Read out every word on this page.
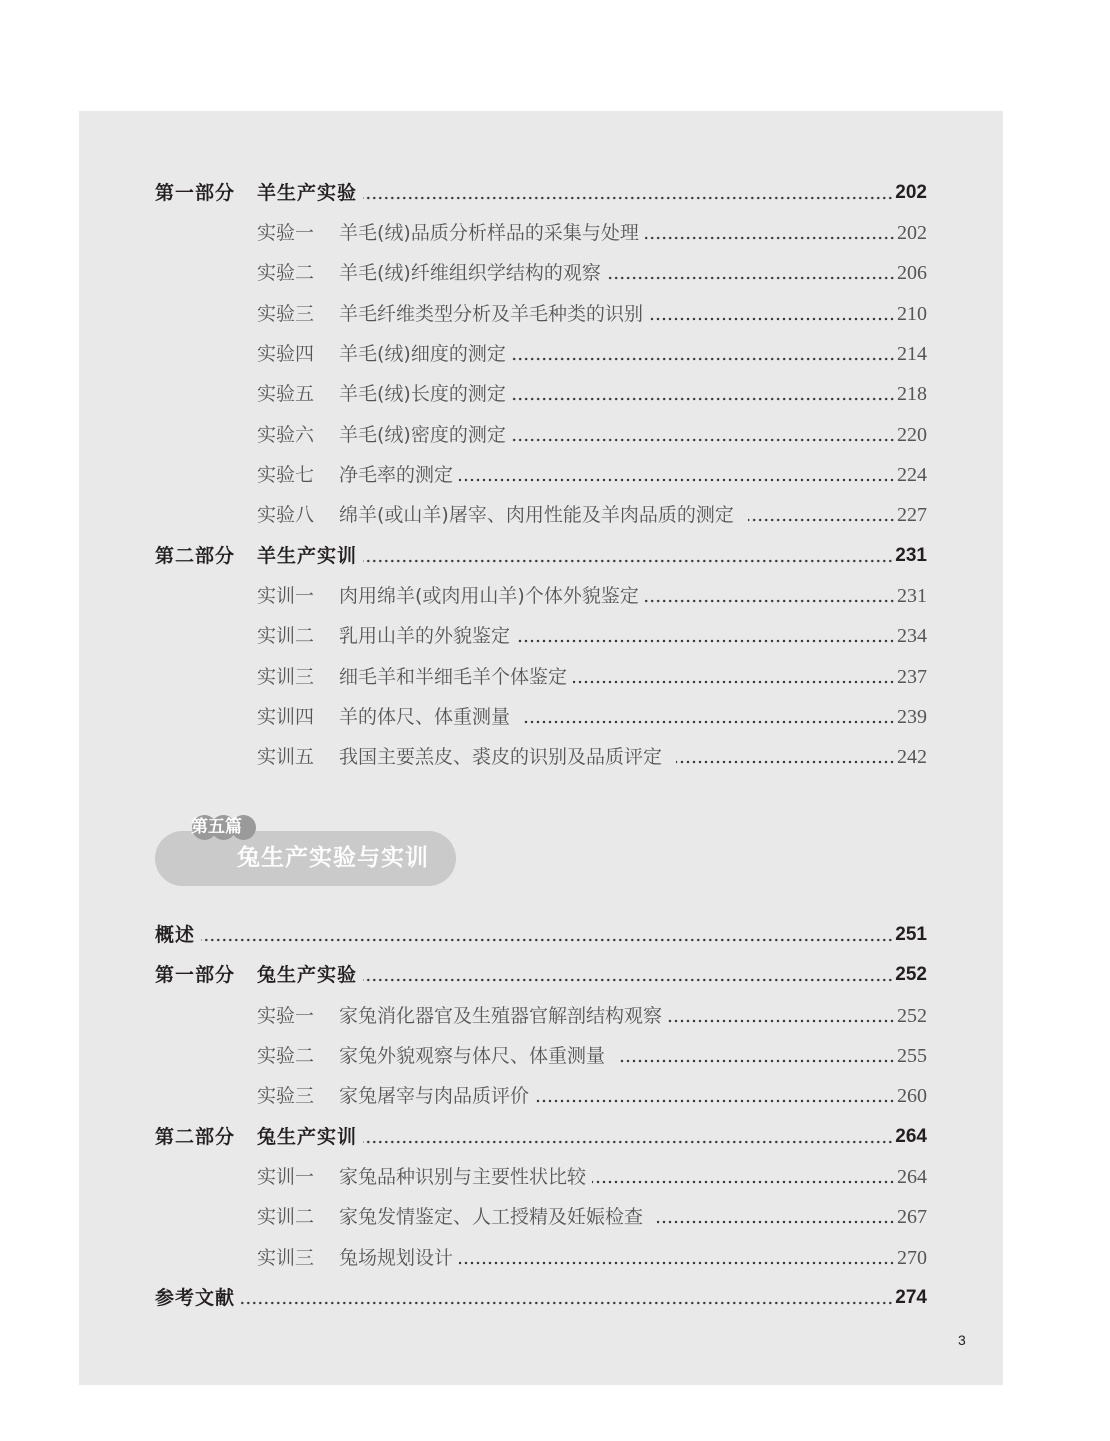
第一部分	羊生产实验	202
实验一	羊毛(绒)品质分析样品的采集与处理	202
实验二	羊毛(绒)纤维组织学结构的观察	206
实验三	羊毛纤维类型分析及羊毛种类的识别	210
实验四	羊毛(绒)细度的测定	214
实验五	羊毛(绒)长度的测定	218
实验六	羊毛(绒)密度的测定	220
实验七	净毛率的测定	224
实验八	绵羊(或山羊)屠宰、肉用性能及羊肉品质的测定	227
第二部分	羊生产实训	231
实训一	肉用绵羊(或肉用山羊)个体外貌鉴定	231
实训二	乳用山羊的外貌鉴定	234
实训三	细毛羊和半细毛羊个体鉴定	237
实训四	羊的体尺、体重测量	239
实训五	我国主要羔皮、裘皮的识别及品质评定	242
第五篇
兔生产实验与实训
概述	251
第一部分	兔生产实验	252
实验一	家兔消化器官及生殖器官解剖结构观察	252
实验二	家兔外貌观察与体尺、体重测量	255
实验三	家兔屠宰与肉品质评价	260
第二部分	兔生产实训	264
实训一	家兔品种识别与主要性状比较	264
实训二	家兔发情鉴定、人工授精及妊娠检查	267
实训三	兔场规划设计	270
参考文献	274
3
